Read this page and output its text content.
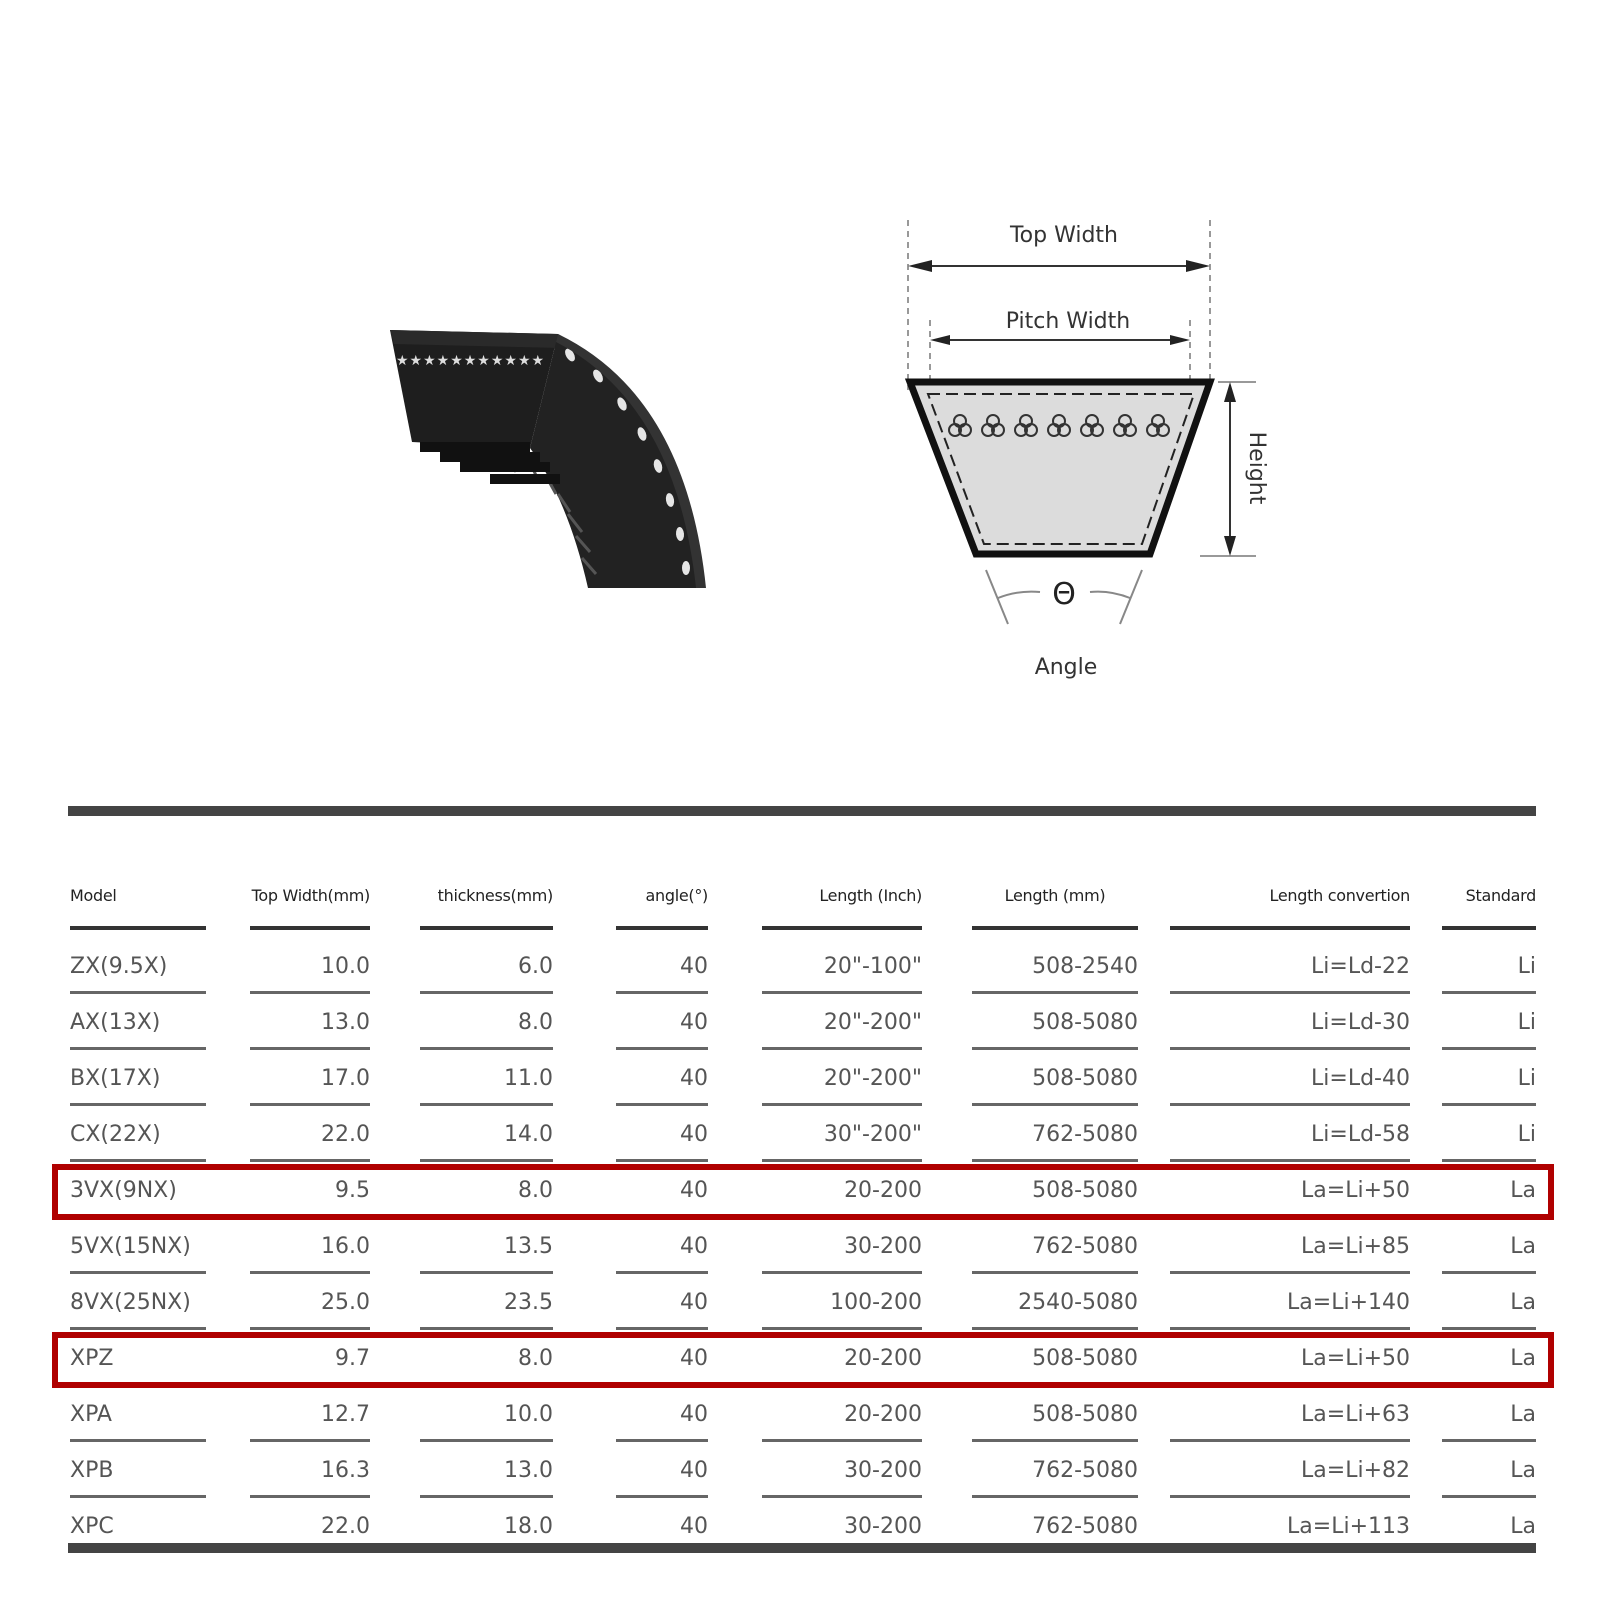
★★★★★★★★★★★
Top Width
Pitch Width
Height
Θ
Angle
Model	Top Width(mm)	thickness(mm)	angle(°)	Length (Inch)	Length (mm)	Length convertion	Standard
ZX(9.5X)	10.0	6.0	40	20"-100"	508-2540	Li=Ld-22	Li
AX(13X)	13.0	8.0	40	20"-200"	508-5080	Li=Ld-30	Li
BX(17X)	17.0	11.0	40	20"-200"	508-5080	Li=Ld-40	Li
CX(22X)	22.0	14.0	40	30"-200"	762-5080	Li=Ld-58	Li
3VX(9NX)	9.5	8.0	40	20-200	508-5080	La=Li+50	La
5VX(15NX)	16.0	13.5	40	30-200	762-5080	La=Li+85	La
8VX(25NX)	25.0	23.5	40	100-200	2540-5080	La=Li+140	La
XPZ	9.7	8.0	40	20-200	508-5080	La=Li+50	La
XPA	12.7	10.0	40	20-200	508-5080	La=Li+63	La
XPB	16.3	13.0	40	30-200	762-5080	La=Li+82	La
XPC	22.0	18.0	40	30-200	762-5080	La=Li+113	La
